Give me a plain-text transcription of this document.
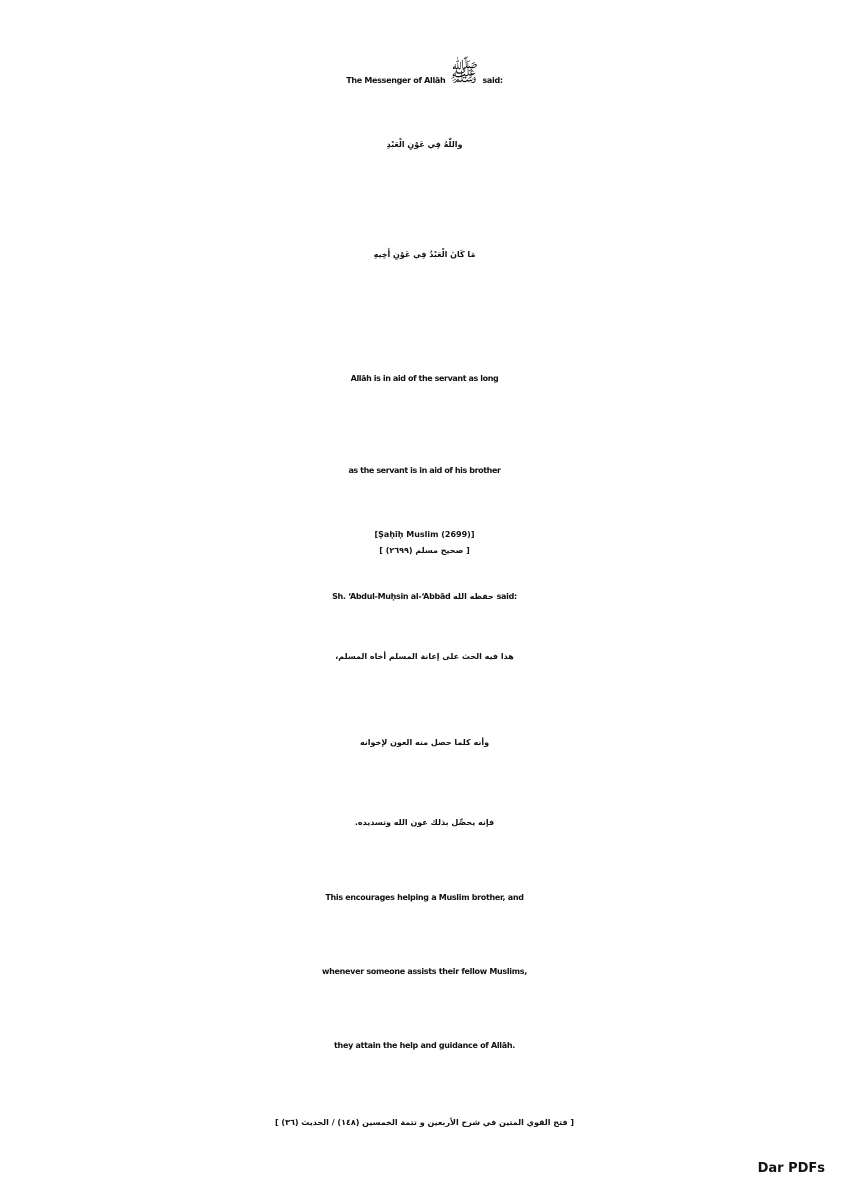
The Messenger of Allāh ﷺ said:
واللّٰهُ فِي عَوْنِ الْعَبْدِ
مَا كَانَ الْعَبْدُ فِي عَوْنِ أَخِيهِ
Allāh is in aid of the servant as long
as the servant is in aid of his brother
[Ṣaḥīḥ Muslim (2699)]
[ صحيح مسلم (٢٦٩٩) ]
Sh. ‘Abdul-Muḥsin al-‘Abbād حفظه الله said:
هذا فيه الحث على إعانة المسلم أخاه المسلم،
وأنه كلما حصل منه العون لإخوانه
فإنه يحصِّل بذلك عون الله وتسديده.
This encourages helping a Muslim brother, and
whenever someone assists their fellow Muslims,
they attain the help and guidance of Allāh.
[ فتح القوي المتين في شرح الأربعين و تتمة الخمسين (١٤٨) / الحديث (٣٦) ]
Dar PDFs
